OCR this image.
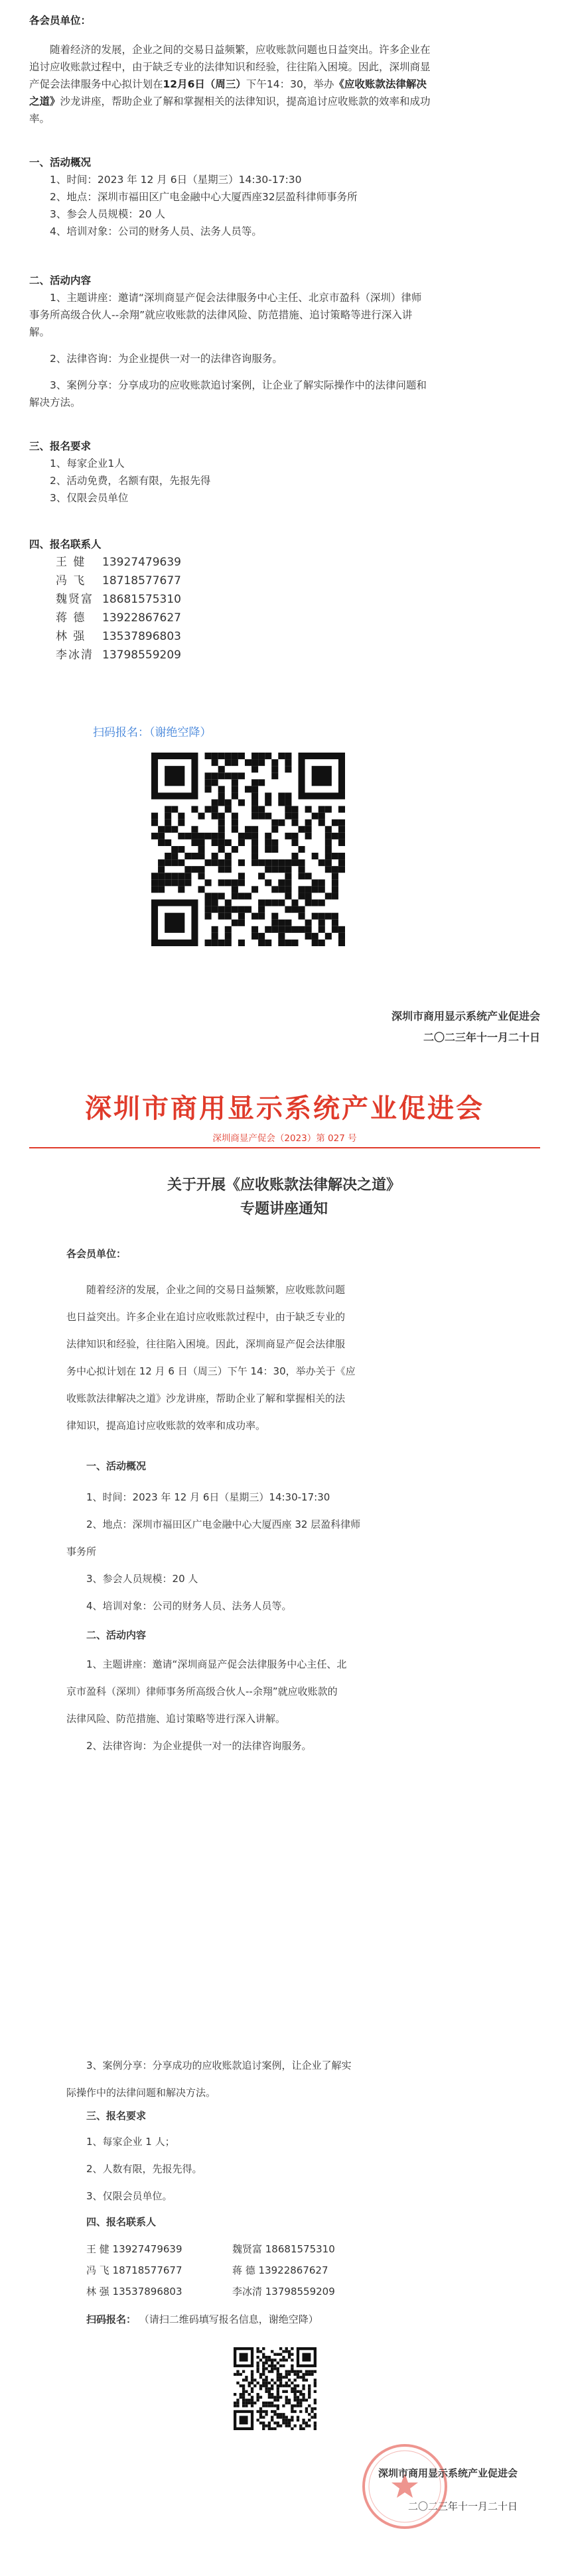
各会员单位：

随着经济的发展，企业之间的交易日益频繁，应收账款问题也日益突出。许多企业在

追讨应收账款过程中，由于缺乏专业的法律知识和经验，往往陷入困境。因此，深圳商显

产促会法律服务中心拟计划在12月6日（周三）下午14：30，举办《应收账款法律解决

之道》沙龙讲座，帮助企业了解和掌握相关的法律知识，提高追讨应收账款的效率和成功

率。

一、活动概况

1、时间：2023 年 12 月 6日（星期三）14:30-17:30

2、地点：深圳市福田区广电金融中心大厦西座32层盈科律师事务所

3、参会人员规模：20 人

4、培训对象：公司的财务人员、法务人员等。

二、活动内容

1、主题讲座：邀请“深圳商显产促会法律服务中心主任、北京市盈科（深圳）律师

事务所高级合伙人--余翔”就应收账款的法律风险、防范措施、追讨策略等进行深入讲

解。

2、法律咨询：为企业提供一对一的法律咨询服务。

3、案例分享：分享成功的应收账款追讨案例，让企业了解实际操作中的法律问题和

解决方法。

三、报名要求

1、每家企业1人

2、活动免费，名额有限，先报先得

3、仅限会员单位

四、报名联系人

王 健	13927479639
冯 飞	18718577677
魏贤富 18681575310
蒋 德	13922867627
林 强	13537896803
李冰清 13798559209
扫码报名：（谢绝空降）
深圳市商用显示系统产业促进会
二〇二三年十一月二十日
深圳市商用显示系统产业促进会
深圳商显产促会（2023）第 027 号
关于开展《应收账款法律解决之道》
专题讲座通知
各会员单位：

随着经济的发展，企业之间的交易日益频繁，应收账款问题

也日益突出。许多企业在追讨应收账款过程中，由于缺乏专业的

法律知识和经验，往往陷入困境。因此，深圳商显产促会法律服

务中心拟计划在 12 月 6 日（周三）下午 14：30，举办关于《应

收账款法律解决之道》沙龙讲座，帮助企业了解和掌握相关的法

律知识，提高追讨应收账款的效率和成功率。

一、活动概况

1、时间：2023 年 12 月 6日（星期三）14:30-17:30

2、地点：深圳市福田区广电金融中心大厦西座 32 层盈科律师

事务所

3、参会人员规模：20 人

4、培训对象：公司的财务人员、法务人员等。

二、活动内容

1、主题讲座：邀请“深圳商显产促会法律服务中心主任、北

京市盈科（深圳）律师事务所高级合伙人--余翔”就应收账款的

法律风险、防范措施、追讨策略等进行深入讲解。

2、法律咨询：为企业提供一对一的法律咨询服务。

3、案例分享：分享成功的应收账款追讨案例，让企业了解实

际操作中的法律问题和解决方法。

三、报名要求

1、每家企业 1 人；

2、人数有限，先报先得。

3、仅限会员单位。

四、报名联系人
王 健 13927479639	魏贤富 18681575310
冯 飞 18718577677	蒋 德 13922867627
林 强 13537896803	李冰清 13798559209
扫码报名： （请扫二维码填写报名信息，谢绝空降）
深圳市商用显示系统产业促进会
二〇二三年十一月二十日
